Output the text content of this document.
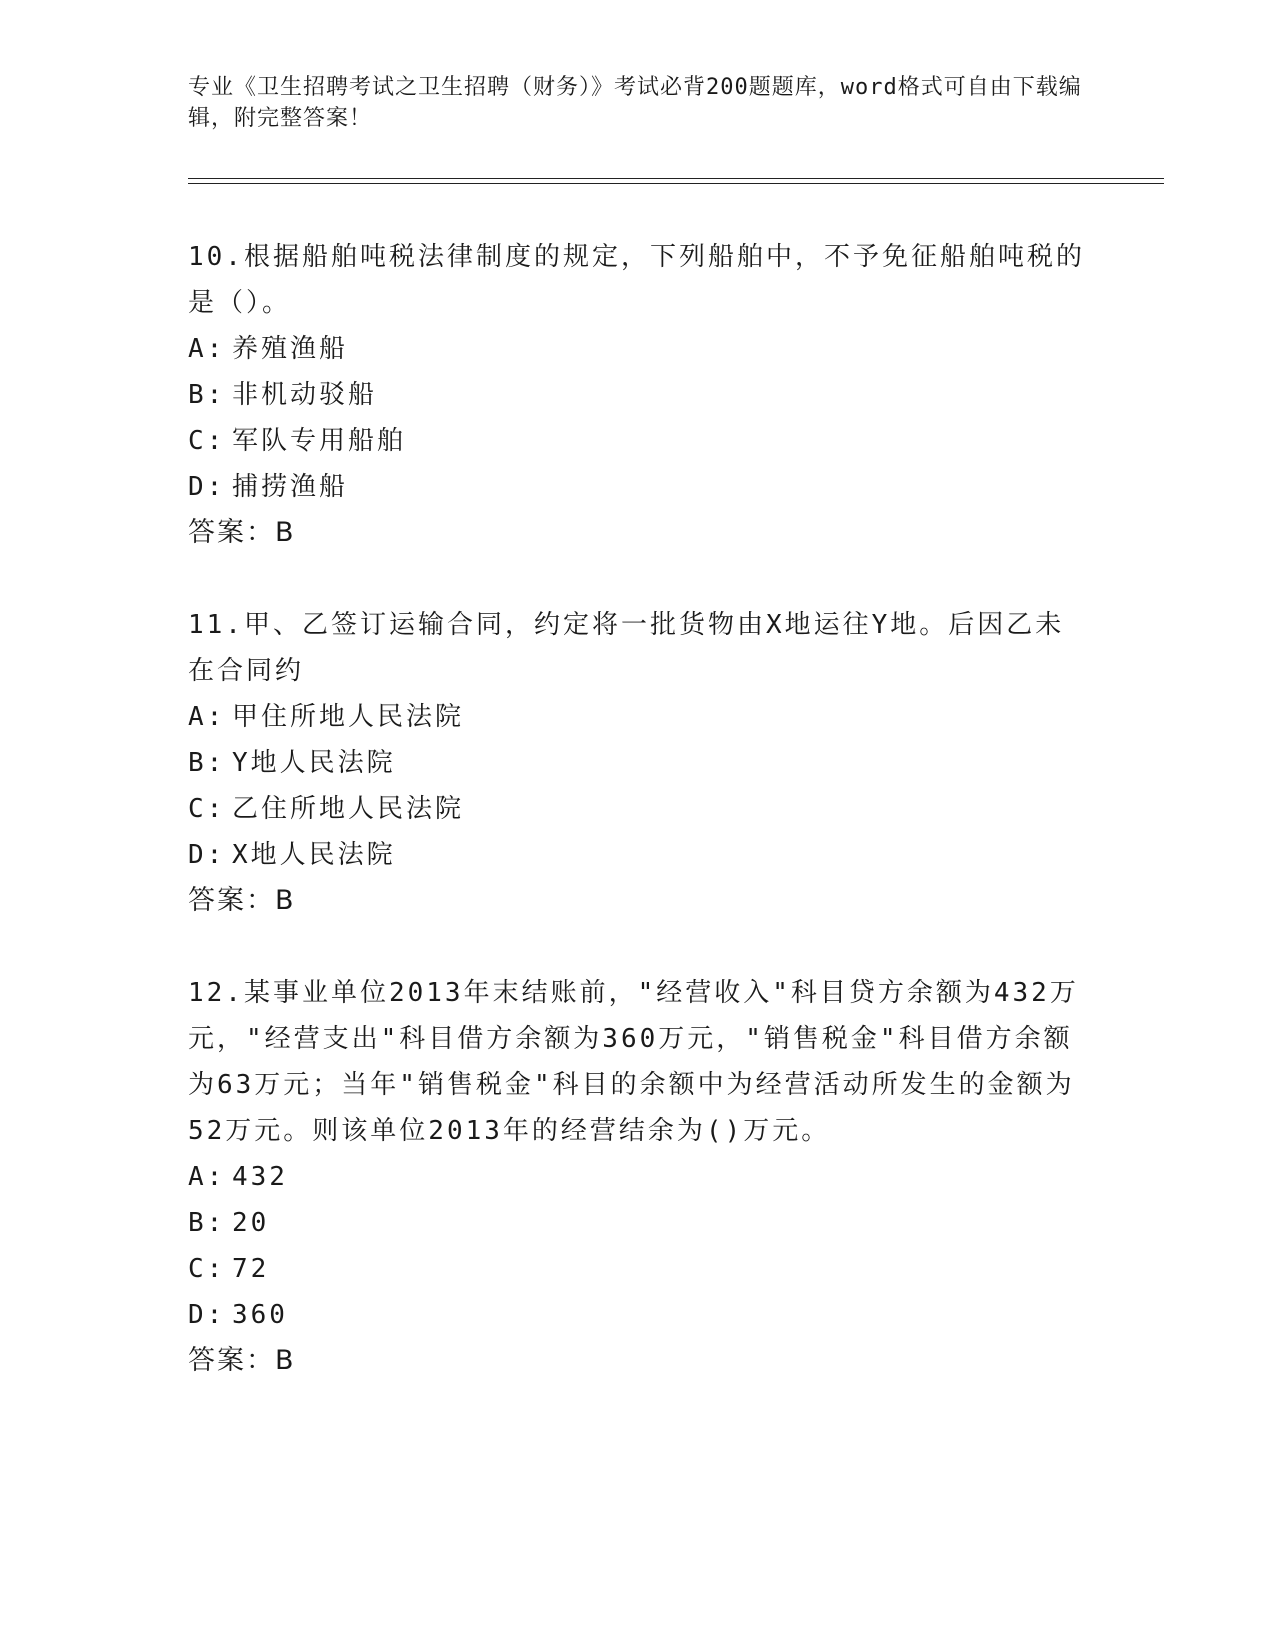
专业《卫生招聘考试之卫生招聘（财务）》考试必背200题题库，word格式可自由下载编辑，附完整答案！
10.根据船舶吨税法律制度的规定，下列船舶中，不予免征船舶吨税的是（）。
A: 养殖渔船
B: 非机动驳船
C: 军队专用船舶
D: 捕捞渔船
答案：B
11.甲、乙签订运输合同，约定将一批货物由X地运往Y地。后因乙未在合同约
A: 甲住所地人民法院
B: Y地人民法院
C: 乙住所地人民法院
D: X地人民法院
答案：B
12.某事业单位2013年末结账前，"经营收入"科目贷方余额为432万元，"经营支出"科目借方余额为360万元，"销售税金"科目借方余额为63万元；当年"销售税金"科目的余额中为经营活动所发生的金额为52万元。则该单位2013年的经营结余为()万元。
A: 432
B: 20
C: 72
D: 360
答案：B
